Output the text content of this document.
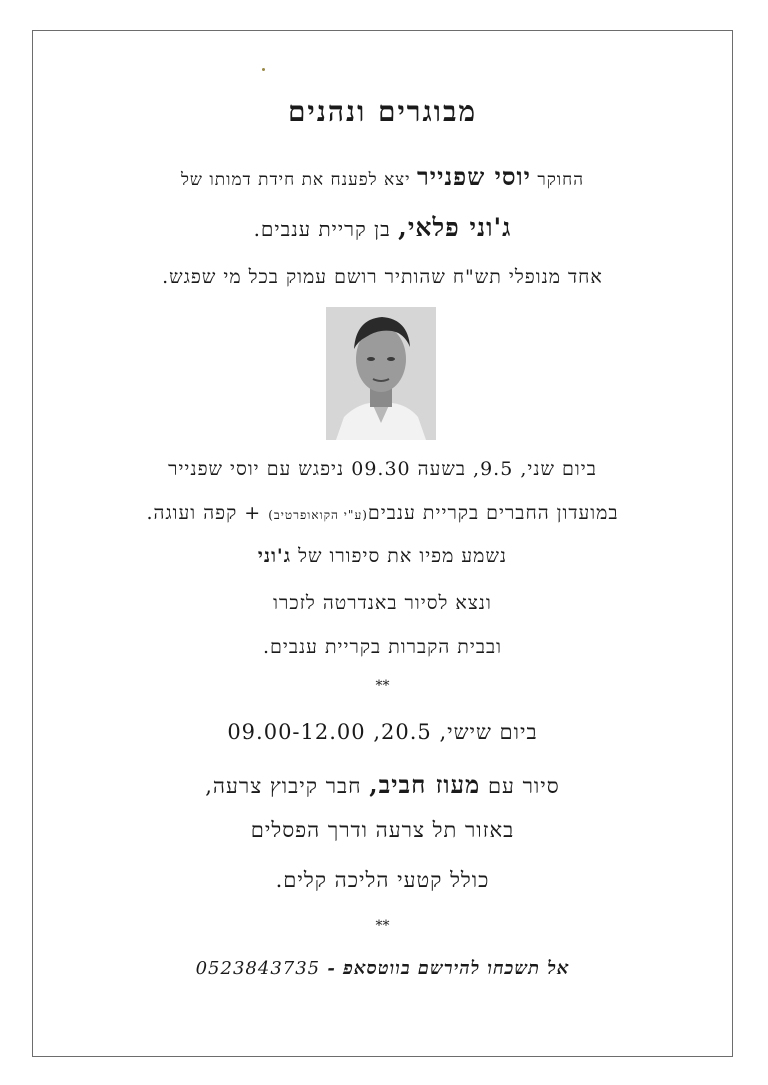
מבוגרים ונהנים
החוקר יוסי שפנייר יצא לפענח את חידת דמותו של
ג'וני פלאי, בן קריית ענבים.
אחד מנופלי תש"ח שהותיר רושם עמוק בכל מי שפגש.
ביום שני, 9.5, בשעה 09.30 ניפגש עם יוסי שפנייר
במועדון החברים בקריית ענבים(ע"י הקואופרטיב) + קפה ועוגה.
נשמע מפיו את סיפורו של ג'וני
ונצא לסיור באנדרטה לזכרו
ובבית הקברות בקריית ענבים.
**
ביום שישי, 20.5, 09.00-12.00
סיור עם מעוז חביב, חבר קיבוץ צרעה,
באזור תל צרעה ודרך הפסלים
כולל קטעי הליכה קלים.
**
אל תשכחו להירשם בווטסאפ - 0523843735
